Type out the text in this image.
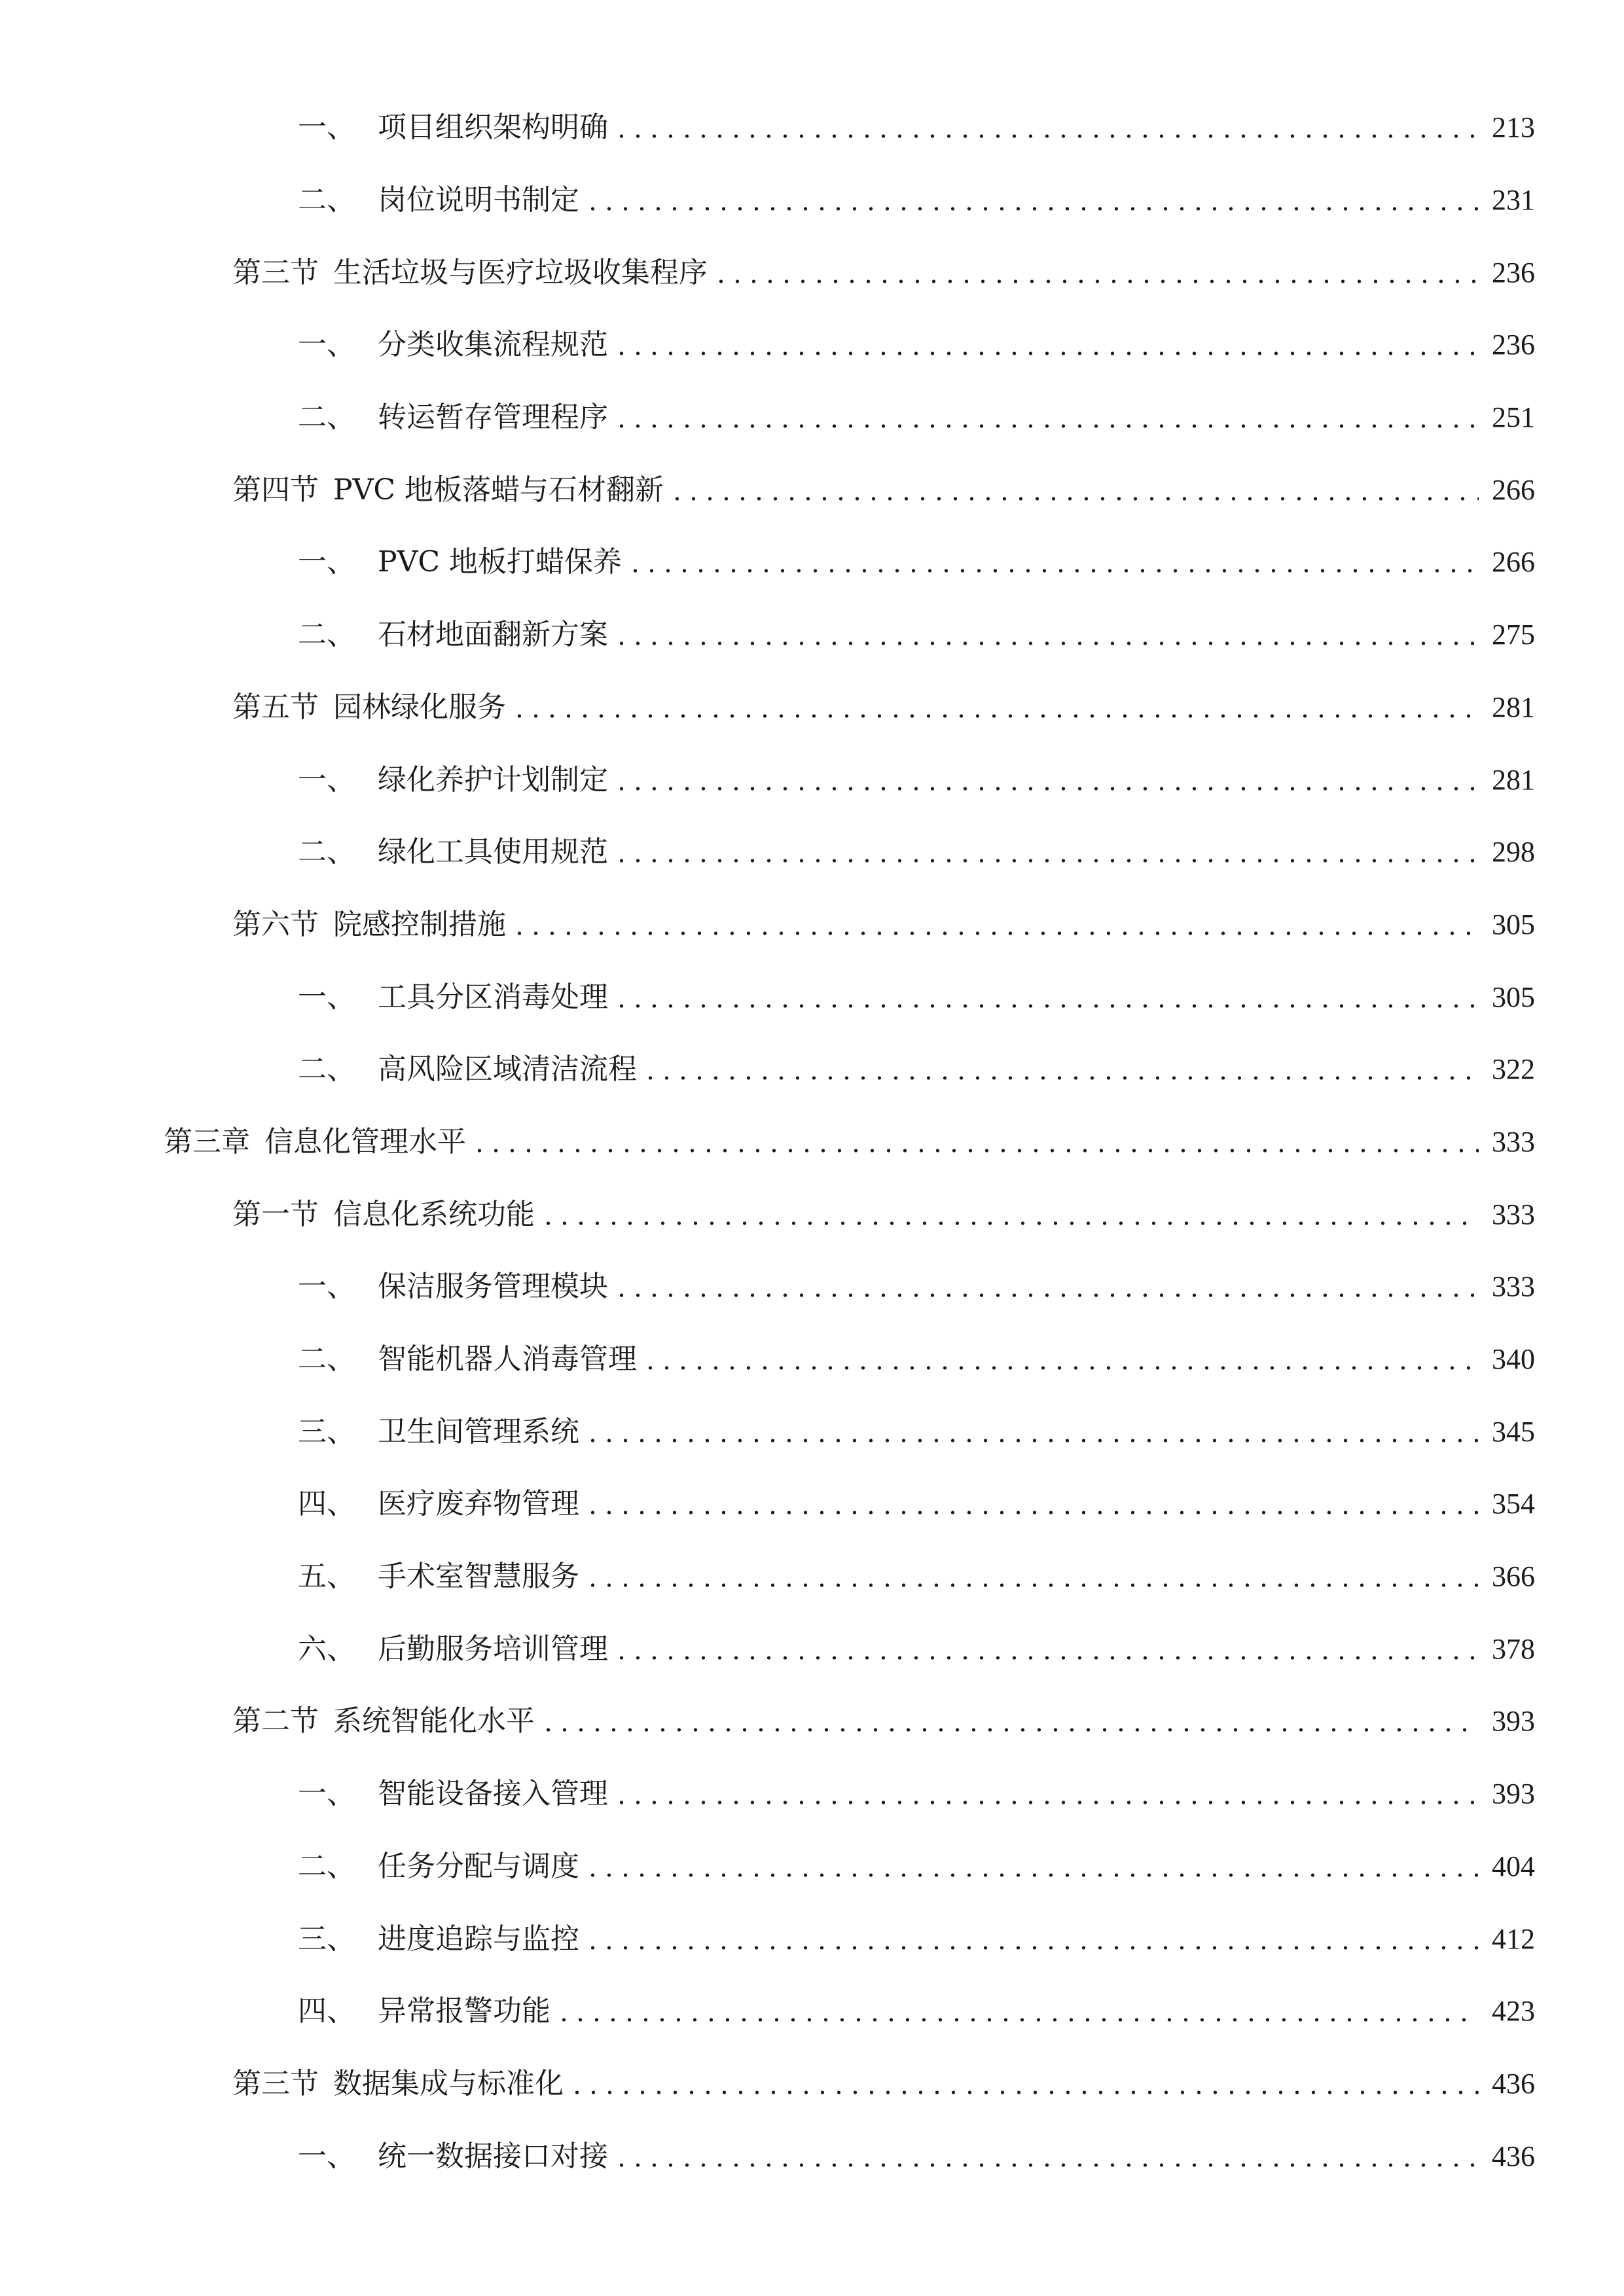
一、 项目组织架构明确	213
二、 岗位说明书制定	231
第三节 生活垃圾与医疗垃圾收集程序	236
一、 分类收集流程规范	236
二、 转运暂存管理程序	251
第四节 PVC 地板落蜡与石材翻新	266
一、 PVC 地板打蜡保养	266
二、 石材地面翻新方案	275
第五节 园林绿化服务	281
一、 绿化养护计划制定	281
二、 绿化工具使用规范	298
第六节 院感控制措施	305
一、 工具分区消毒处理	305
二、 高风险区域清洁流程	322
第三章 信息化管理水平	333
第一节 信息化系统功能	333
一、 保洁服务管理模块	333
二、 智能机器人消毒管理	340
三、 卫生间管理系统	345
四、 医疗废弃物管理	354
五、 手术室智慧服务	366
六、 后勤服务培训管理	378
第二节 系统智能化水平	393
一、 智能设备接入管理	393
二、 任务分配与调度	404
三、 进度追踪与监控	412
四、 异常报警功能	423
第三节 数据集成与标准化	436
一、 统一数据接口对接	436
